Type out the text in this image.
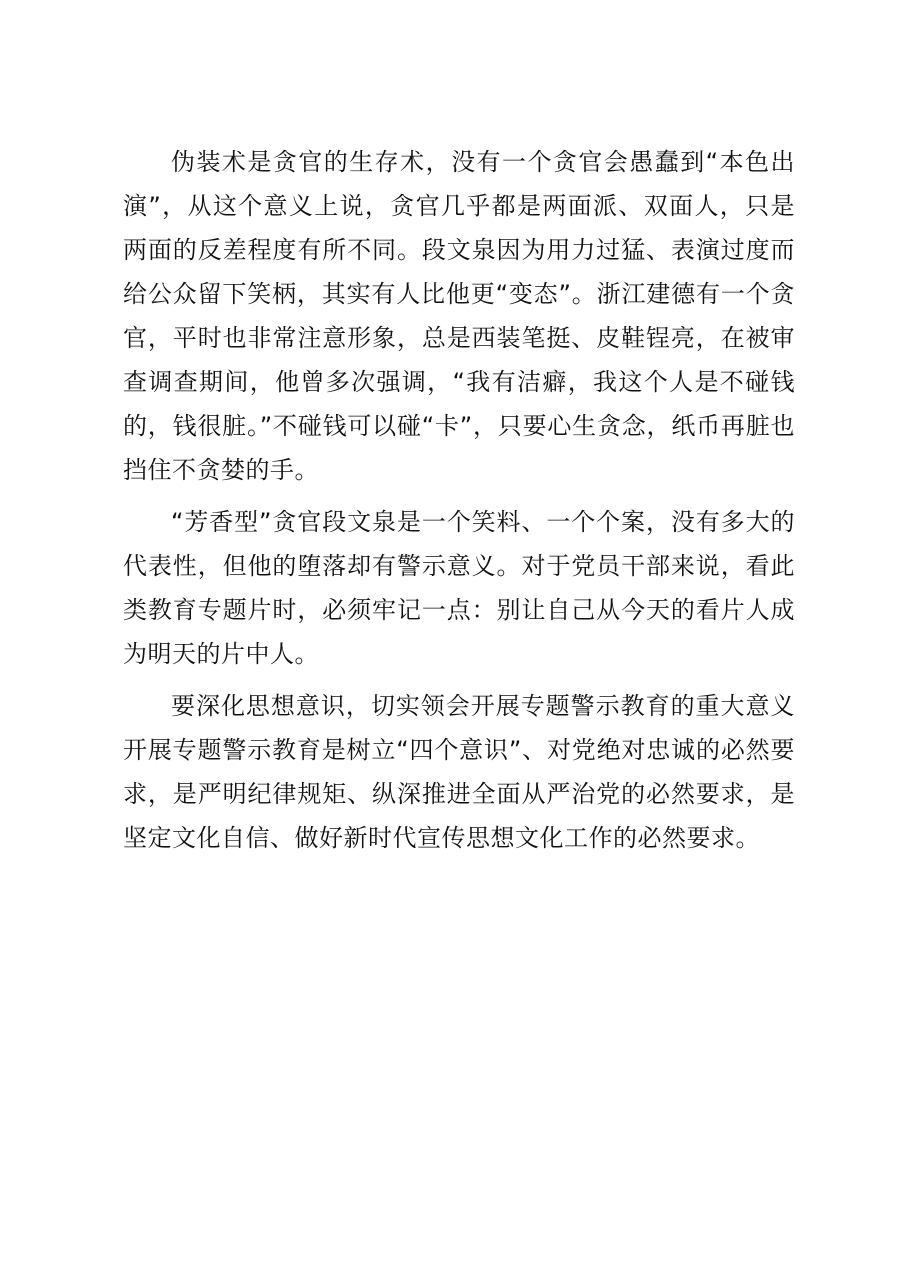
伪装术是贪官的生存术，没有一个贪官会愚蠢到“本色出演”，从这个意义上说，贪官几乎都是两面派、双面人，只是两面的反差程度有所不同。段文泉因为用力过猛、表演过度而给公众留下笑柄，其实有人比他更“变态”。浙江建德有一个贪官，平时也非常注意形象，总是西装笔挺、皮鞋锃亮，在被审查调查期间，他曾多次强调，“我有洁癖，我这个人是不碰钱的，钱很脏。”不碰钱可以碰“卡”，只要心生贪念，纸币再脏也挡住不贪婪的手。

“芳香型”贪官段文泉是一个笑料、一个个案，没有多大的代表性，但他的堕落却有警示意义。对于党员干部来说，看此类教育专题片时，必须牢记一点：别让自己从今天的看片人成为明天的片中人。

要深化思想意识，切实领会开展专题警示教育的重大意义开展专题警示教育是树立“四个意识”、对党绝对忠诚的必然要求，是严明纪律规矩、纵深推进全面从严治党的必然要求，是坚定文化自信、做好新时代宣传思想文化工作的必然要求。
